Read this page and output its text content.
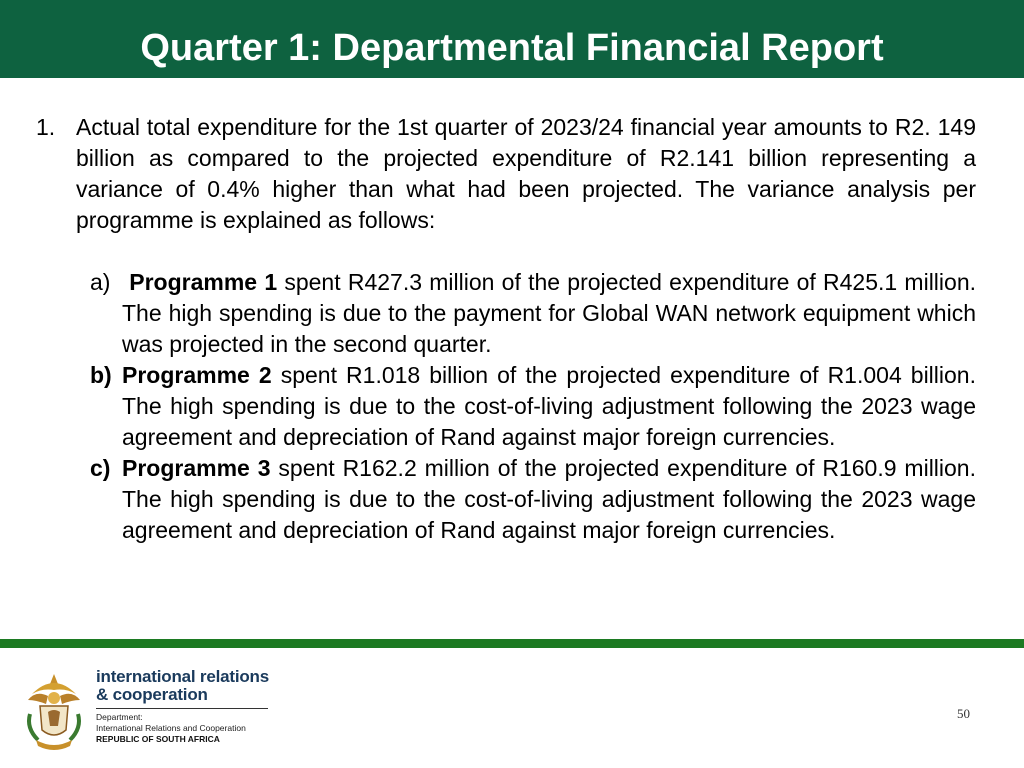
Quarter 1: Departmental Financial Report
1. Actual total expenditure for the 1st quarter of 2023/24 financial year amounts to R2. 149 billion as compared to the projected expenditure of R2.141 billion representing a variance of 0.4% higher than what had been projected. The variance analysis per programme is explained as follows:
a) Programme 1 spent R427.3 million of the projected expenditure of R425.1 million. The high spending is due to the payment for Global WAN network equipment which was projected in the second quarter.
b) Programme 2 spent R1.018 billion of the projected expenditure of R1.004 billion. The high spending is due to the cost-of-living adjustment following the 2023 wage agreement and depreciation of Rand against major foreign currencies.
c) Programme 3 spent R162.2 million of the projected expenditure of R160.9 million. The high spending is due to the cost-of-living adjustment following the 2023 wage agreement and depreciation of Rand against major foreign currencies.
international relations
& cooperation
Department:
International Relations and Cooperation
REPUBLIC OF SOUTH AFRICA
50
